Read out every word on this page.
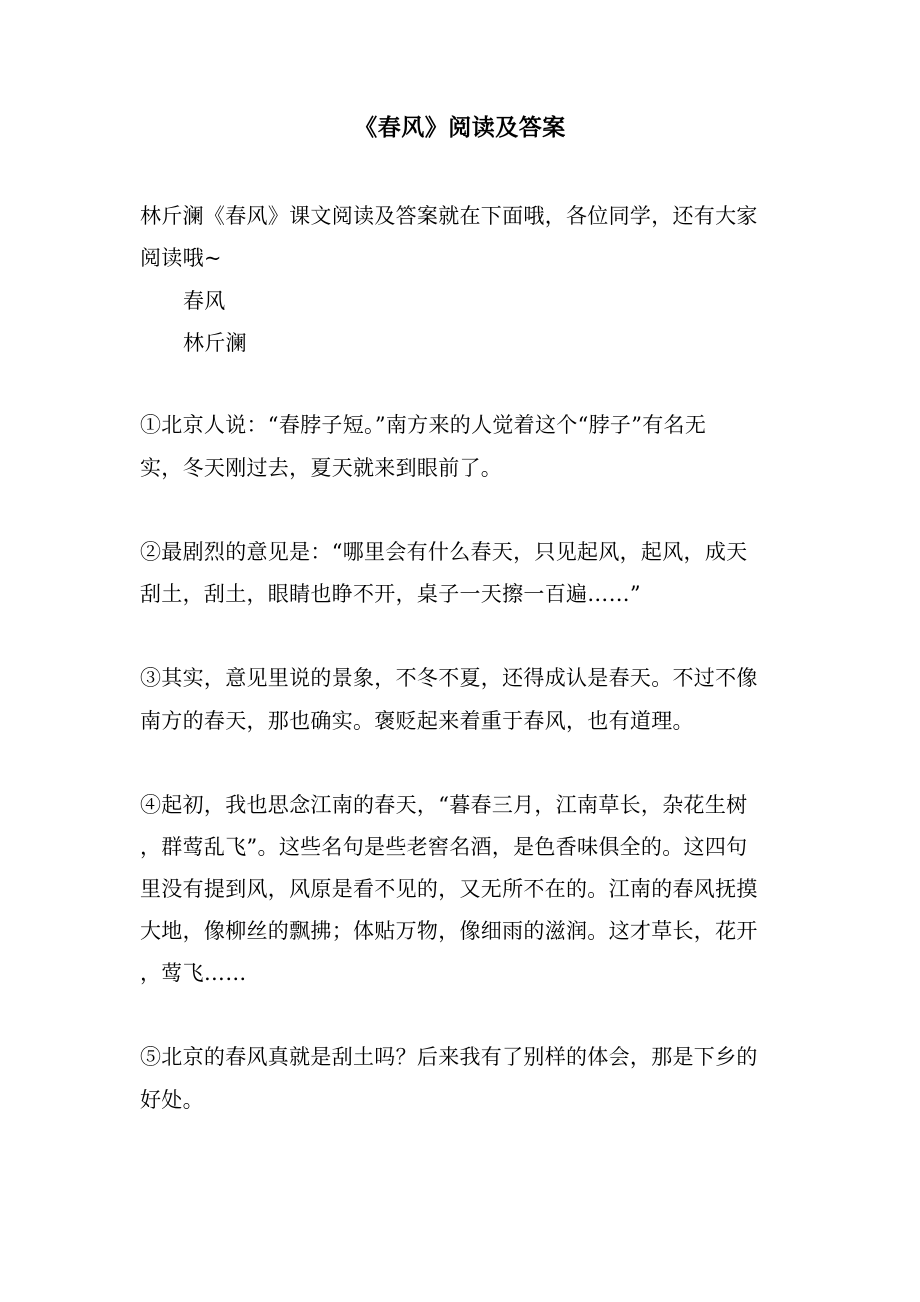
《春风》阅读及答案
林斤澜《春风》课文阅读及答案就在下面哦，各位同学，还有大家
阅读哦~
春风
林斤澜
①北京人说：“春脖子短。”南方来的人觉着这个“脖子”有名无
实，冬天刚过去，夏天就来到眼前了。
②最剧烈的意见是：“哪里会有什么春天，只见起风，起风，成天
刮土，刮土，眼睛也睁不开，桌子一天擦一百遍……”
③其实，意见里说的景象，不冬不夏，还得成认是春天。不过不像
南方的春天，那也确实。褒贬起来着重于春风，也有道理。
④起初，我也思念江南的春天，“暮春三月，江南草长，杂花生树
，群莺乱飞”。这些名句是些老窖名酒，是色香味俱全的。这四句
里没有提到风，风原是看不见的，又无所不在的。江南的春风抚摸
大地，像柳丝的飘拂；体贴万物，像细雨的滋润。这才草长，花开
，莺飞……
⑤北京的春风真就是刮土吗？后来我有了别样的体会，那是下乡的
好处。
